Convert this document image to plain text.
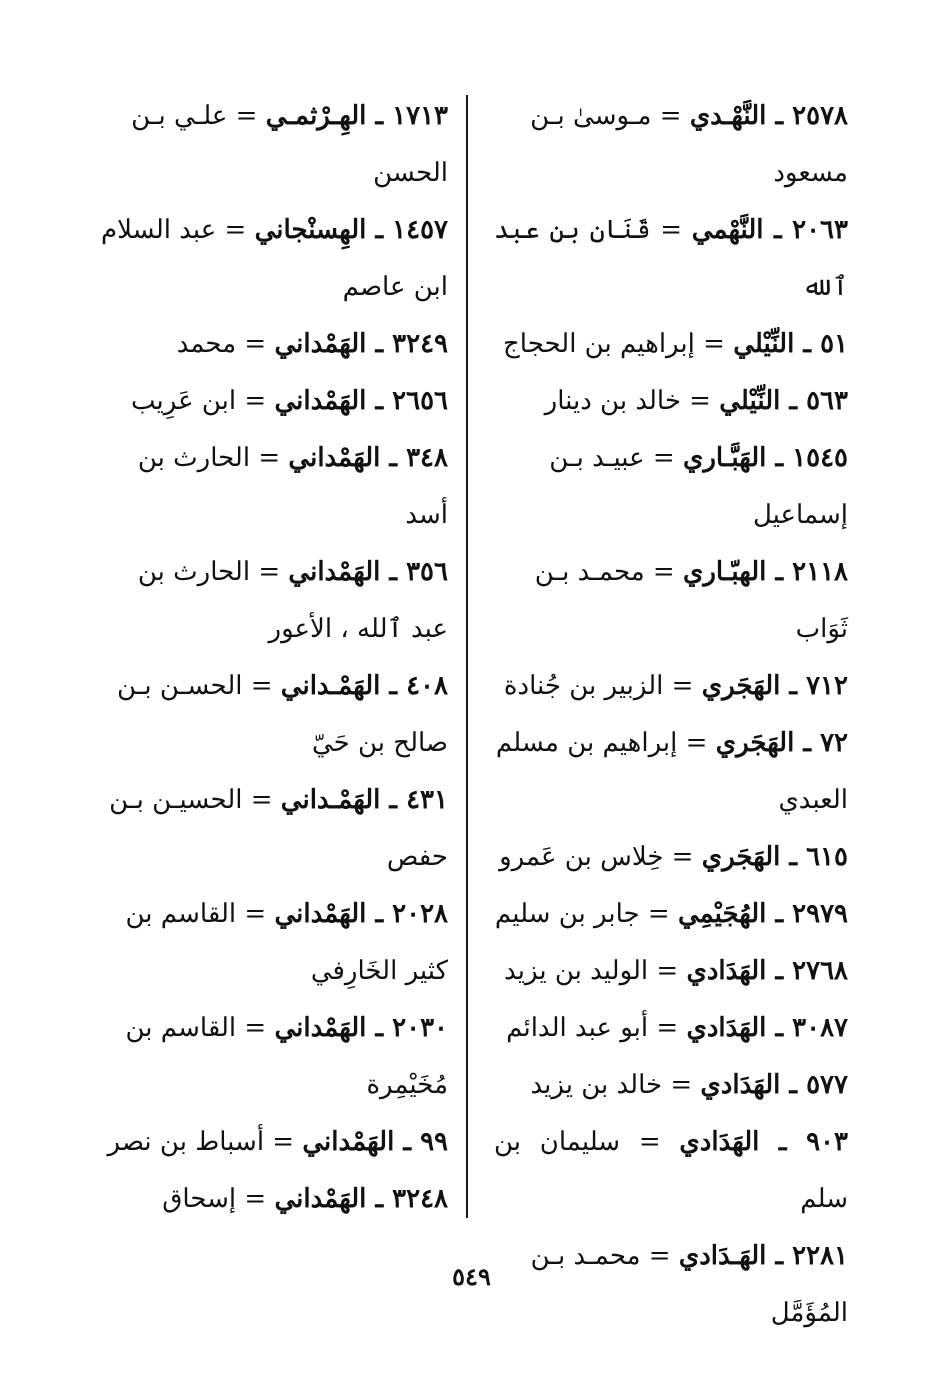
٢٥٧٨ ـ النَّهْـدي = مـوسىٰ بـن
مسعود
٢٠٦٣ ـ النَّهْمي = قَنَان بن عبد ٱلله
٥١ ـ النِّيْلي = إبراهيم بن الحجاج
٥٦٣ ـ النِّيْلي = خالد بن دينار
١٥٤٥ ـ الهَبَّـاري = عبيـد بـن
إسماعيل
٢١١٨ ـ الهبّـاري = محمـد بـن
ثَوَاب
٧١٢ ـ الهَجَري = الزبير بن جُنادة
٧٢ ـ الهَجَري = إبراهيم بن مسلم
العبدي
٦١٥ ـ الهَجَري = خِلاس بن عَمرو
٢٩٧٩ ـ الهُجَيْمِي = جابر بن سليم
٢٧٦٨ ـ الهَدَادي = الوليد بن يزيد
٣٠٨٧ ـ الهَدَادي = أبو عبد الدائم
٥٧٧ ـ الهَدَادي = خالد بن يزيد
٩٠٣ ـ الهَدَادي = سليمان بن سلم
٢٢٨١ ـ الهَـدَادي = محمـد بـن
المُؤَمَّل
١٧١٣ ـ الهِـرْثمـي = علـي بـن
الحسن
١٤٥٧ ـ الهِسنْجاني = عبد السلام
ابن عاصم
٣٢٤٩ ـ الهَمْداني = محمد
٢٦٥٦ ـ الهَمْداني = ابن عَرِيب
٣٤٨ ـ الهَمْداني = الحارث بن
أسد
٣٥٦ ـ الهَمْداني = الحارث بن
عبد ٱلله ، الأعور
٤٠٨ ـ الهَمْـداني = الحسـن بـن
صالح بن حَيّ
٤٣١ ـ الهَمْـداني = الحسيـن بـن
حفص
٢٠٢٨ ـ الهَمْداني = القاسم بن
كثير الخَارِفي
٢٠٣٠ ـ الهَمْداني = القاسم بن
مُخَيْمِرة
٩٩ ـ الهَمْداني = أسباط بن نصر
٣٢٤٨ ـ الهَمْداني = إسحاق
٥٤٩
